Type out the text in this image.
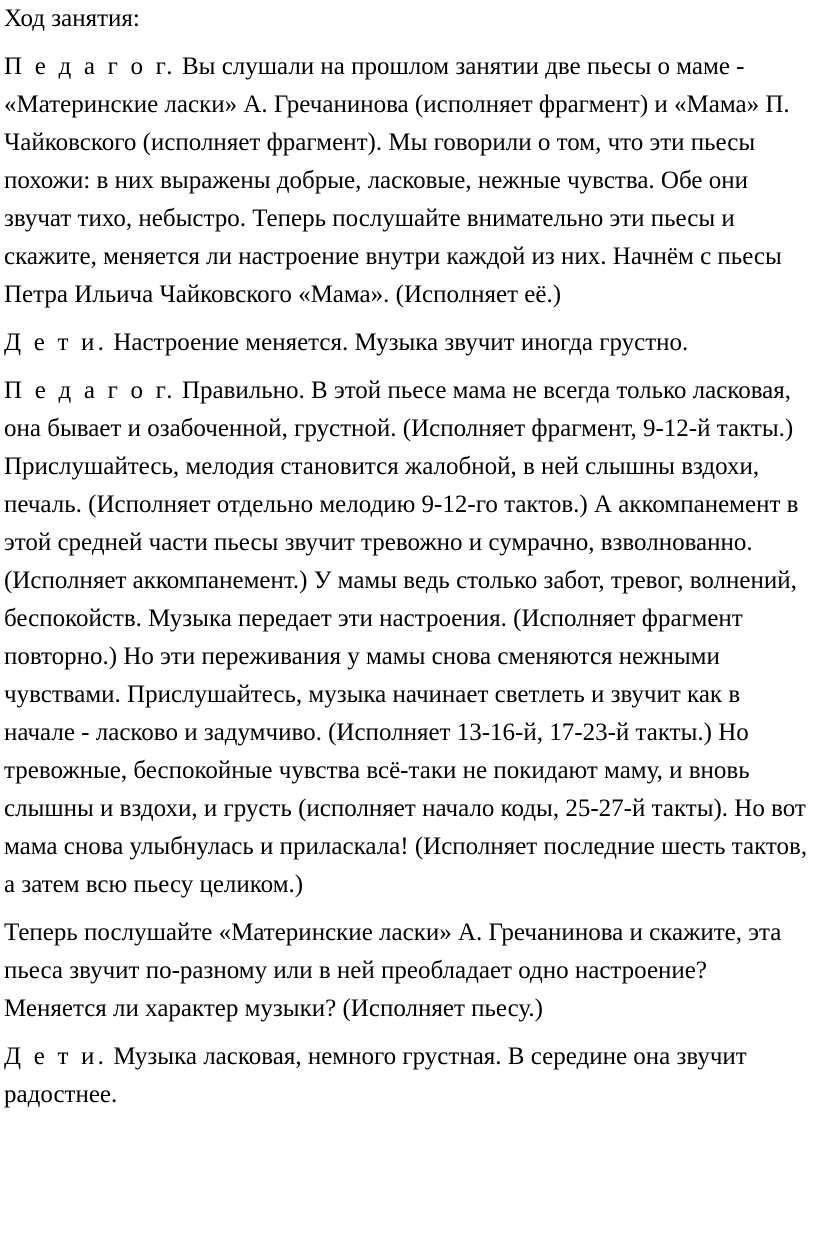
Ход занятия:

П е д а г о г. Вы слушали на прошлом занятии две пьесы о маме - «Материнские ласки» А. Гречанинова (исполняет фрагмент) и «Мама» П. Чайковского (исполняет фрагмент). Мы говорили о том, что эти пьесы похожи: в них выражены добрые, ласковые, нежные чувства. Обе они звучат тихо, небыстро. Теперь послушайте внимательно эти пьесы и скажите, меняется ли настроение внутри каждой из них. Начнём с пьесы Петра Ильича Чайковского «Мама». (Исполняет её.)

Д е т и. Настроение меняется. Музыка звучит иногда грустно.

П е д а г о г. Правильно. В этой пьесе мама не всегда только ласковая, она бывает и озабоченной, грустной. (Исполняет фрагмент, 9-12-й такты.) Прислушайтесь, мелодия становится жалобной, в ней слышны вздохи, печаль. (Исполняет отдельно мелодию 9-12-го тактов.) А аккомпанемент в этой средней части пьесы звучит тревожно и сумрачно, взволнованно. (Исполняет аккомпанемент.) У мамы ведь столько забот, тревог, волнений, беспокойств. Музыка передает эти настроения. (Исполняет фрагмент повторно.) Но эти переживания у мамы снова сменяются нежными чувствами. Прислушайтесь, музыка начинает светлеть и звучит как в начале - ласково и задумчиво. (Исполняет 13-16-й, 17-23-й такты.) Но тревожные, беспокойные чувства всё-таки не покидают маму, и вновь слышны и вздохи, и грусть (исполняет начало коды, 25-27-й такты). Но вот мама снова улыбнулась и приласкала! (Исполняет последние шесть тактов, а затем всю пьесу целиком.)

Теперь послушайте «Материнские ласки» А. Гречанинова и скажите, эта пьеса звучит по-разному или в ней преобладает одно настроение? Меняется ли характер музыки? (Исполняет пьесу.)

Д е т и. Музыка ласковая, немного грустная. В середине она звучит радостнее.
